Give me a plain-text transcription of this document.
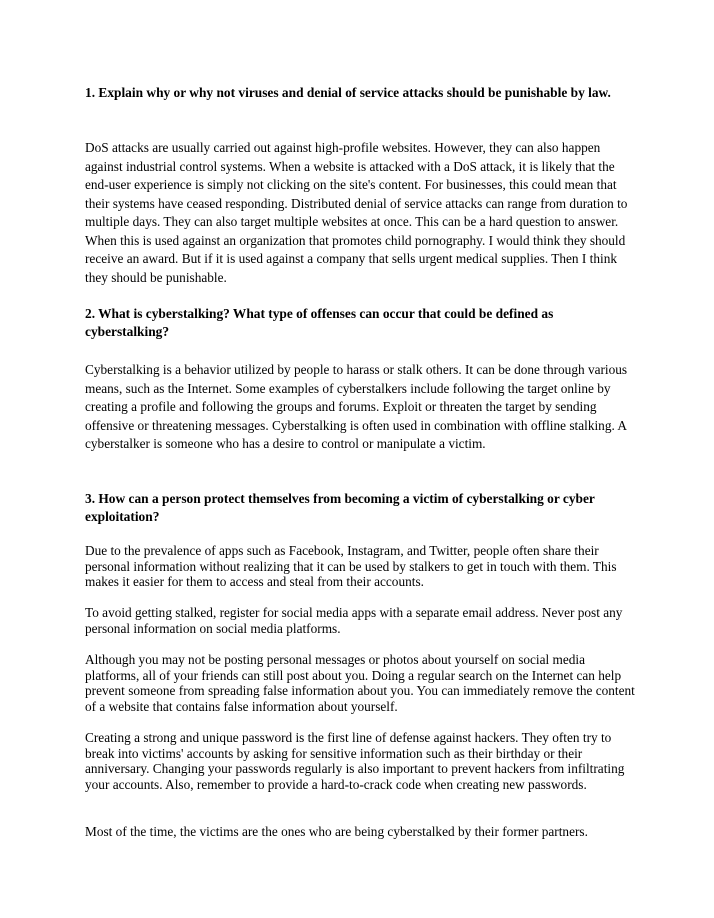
1. Explain why or why not viruses and denial of service attacks should be punishable by law.

DoS attacks are usually carried out against high-profile websites. However, they can also happen against industrial control systems. When a website is attacked with a DoS attack, it is likely that the end-user experience is simply not clicking on the site's content. For businesses, this could mean that their systems have ceased responding. Distributed denial of service attacks can range from duration to multiple days. They can also target multiple websites at once. This can be a hard question to answer. When this is used against an organization that promotes child pornography. I would think they should receive an award. But if it is used against a company that sells urgent medical supplies. Then I think they should be punishable.

2. What is cyberstalking? What type of offenses can occur that could be defined as cyberstalking?

Cyberstalking is a behavior utilized by people to harass or stalk others. It can be done through various means, such as the Internet. Some examples of cyberstalkers include following the target online by creating a profile and following the groups and forums. Exploit or threaten the target by sending offensive or threatening messages. Cyberstalking is often used in combination with offline stalking. A cyberstalker is someone who has a desire to control or manipulate a victim.

3. How can a person protect themselves from becoming a victim of cyberstalking or cyber exploitation?

Due to the prevalence of apps such as Facebook, Instagram, and Twitter, people often share their personal information without realizing that it can be used by stalkers to get in touch with them. This makes it easier for them to access and steal from their accounts.

To avoid getting stalked, register for social media apps with a separate email address. Never post any personal information on social media platforms.

Although you may not be posting personal messages or photos about yourself on social media platforms, all of your friends can still post about you. Doing a regular search on the Internet can help prevent someone from spreading false information about you. You can immediately remove the content of a website that contains false information about yourself.

Creating a strong and unique password is the first line of defense against hackers. They often try to break into victims' accounts by asking for sensitive information such as their birthday or their anniversary. Changing your passwords regularly is also important to prevent hackers from infiltrating your accounts. Also, remember to provide a hard-to-crack code when creating new passwords.

Most of the time, the victims are the ones who are being cyberstalked by their former partners.
